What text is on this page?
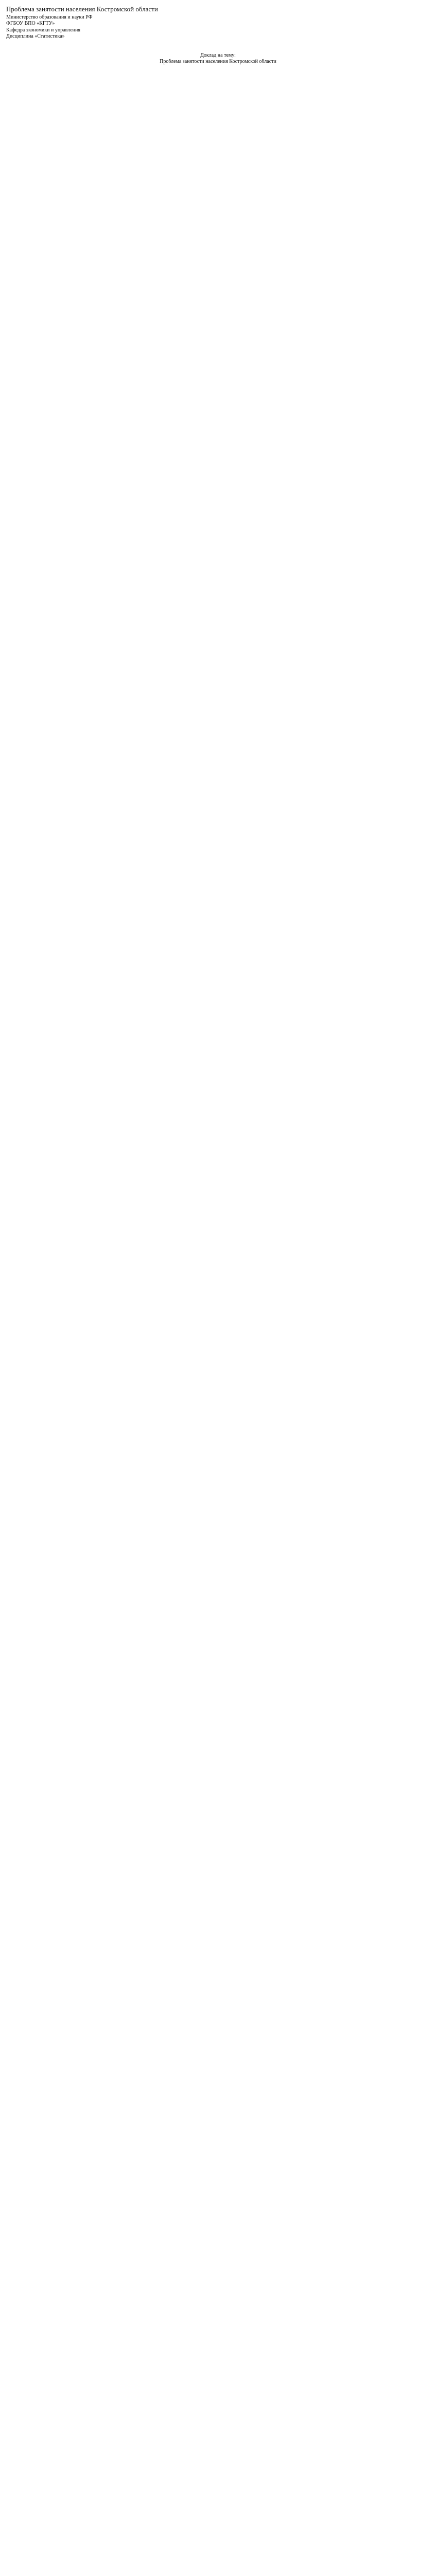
Проблема занятости населения Костромской области
Министерство образования и науки РФ
ФГБОУ ВПО «КГТУ»
Кафедра экономики и управления
Дисциплина «Статистика»
Доклад на тему:
Проблема занятости населения Костромской области
